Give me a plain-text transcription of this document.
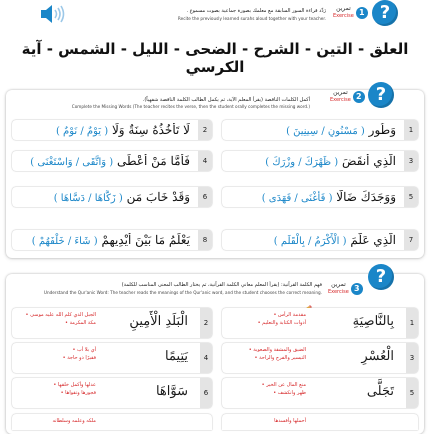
?
تمرين
Exercise 1
رَدِّد قراءة السور السابقة مع معلمك بصورة جماعية بصوت مسموع .
Recite the previously learned surahs aloud together with your teacher.
العلق - التين - الشرح - الضحى - الليل - الشمس - آية الكرسي
?
تمرين
Exercise 2
أكمل الكلمات الناقصة (يقرأ المعلم الآية، ثم يكمل الطالب الكلمة الناقصة شفهياً).
Complete the Missing Words (The teacher recites the verse, then the student orally completes the missing word.)
1
وَطُورِ ( مَسْنُونٍ / سِينِينَ )
2
لَا تَأْخُذُهُ سِنَةٌ وَلَا ( يَوْمٌ / نَوْمٌ )
3
الَّذِي أَنقَضَ ( ظَهْرَكَ / وِزْرَكَ )
4
فَأَمَّا مَنْ أَعْطَى ( وَاتَّقَى / وَاسْتَغْنَى )
5
وَوَجَدَكَ ضَالًّا ( فَأَغْنَى / فَهَدَى )
6
وَقَدْ خَابَ مَن ( زَكَّاهَا / دَسَّاهَا )
7
الَّذِي عَلَّمَ ( الْأَكْرَمُ / بِالْقَلَمِ )
8
يَعْلَمُ مَا بَيْنَ أَيْدِيهِمْ ( شَاءَ / خَلْفَهُمْ )
?
تمرين
Exercise 3
فهم الكلمة القرآنية: (يقرأ المعلم معاني الكلمة القرآنية، ثم يختار الطالب المعنى المناسب للكلمة)
Understand the Qur'anic Word: The teacher reads the meanings of the Qur'anic word, and the student chooses the correct meaning.
1
بِالنَّاصِيَةِ
مقدمة الرأس •
أدوات الكتابة والتعليم •
2
الْبَلَدِ الْأَمِينِ
الجبل الذي كلم الله عليه موسى •
مكة المكرمة •
3
الْعُسْرِ
الضيق والمشقة والصعوبة •
التيسير والفرج والراحة •
4
يَتِيمًا
أي بلا أب •
فقيرًا ذو حاجة •
5
تَجَلَّى
منع المال عن الخير •
ظهر وانكشف •
6
سَوَّاهَا
عدلها وأكمل خلقها •
فجورها وتقواها •
أحملها وأفسدها
ملكه وعلمه وسلطانه
